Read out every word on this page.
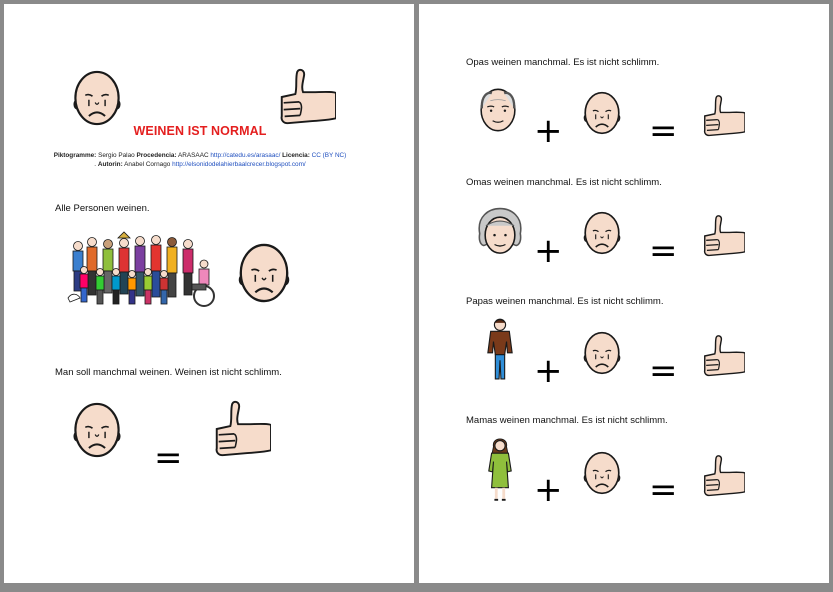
WEINEN IST NORMAL
Piktogramme: Sergio Palao Procedencia: ARASAAC http://catedu.es/arasaac/ Licencia: CC (BY NC)
. Autorin: Anabel Cornago http://elsonidodelahierbaalcrecer.blogspot.com/
Alle Personen weinen.
Man soll manchmal weinen. Weinen ist nicht schlimm.
=
Opas weinen manchmal. Es ist nicht schlimm.
+	=
Omas weinen manchmal. Es ist nicht schlimm.
+	=
Papas weinen manchmal. Es ist nicht schlimm.
+	=
Mamas weinen manchmal. Es ist nicht schlimm.
+	=
